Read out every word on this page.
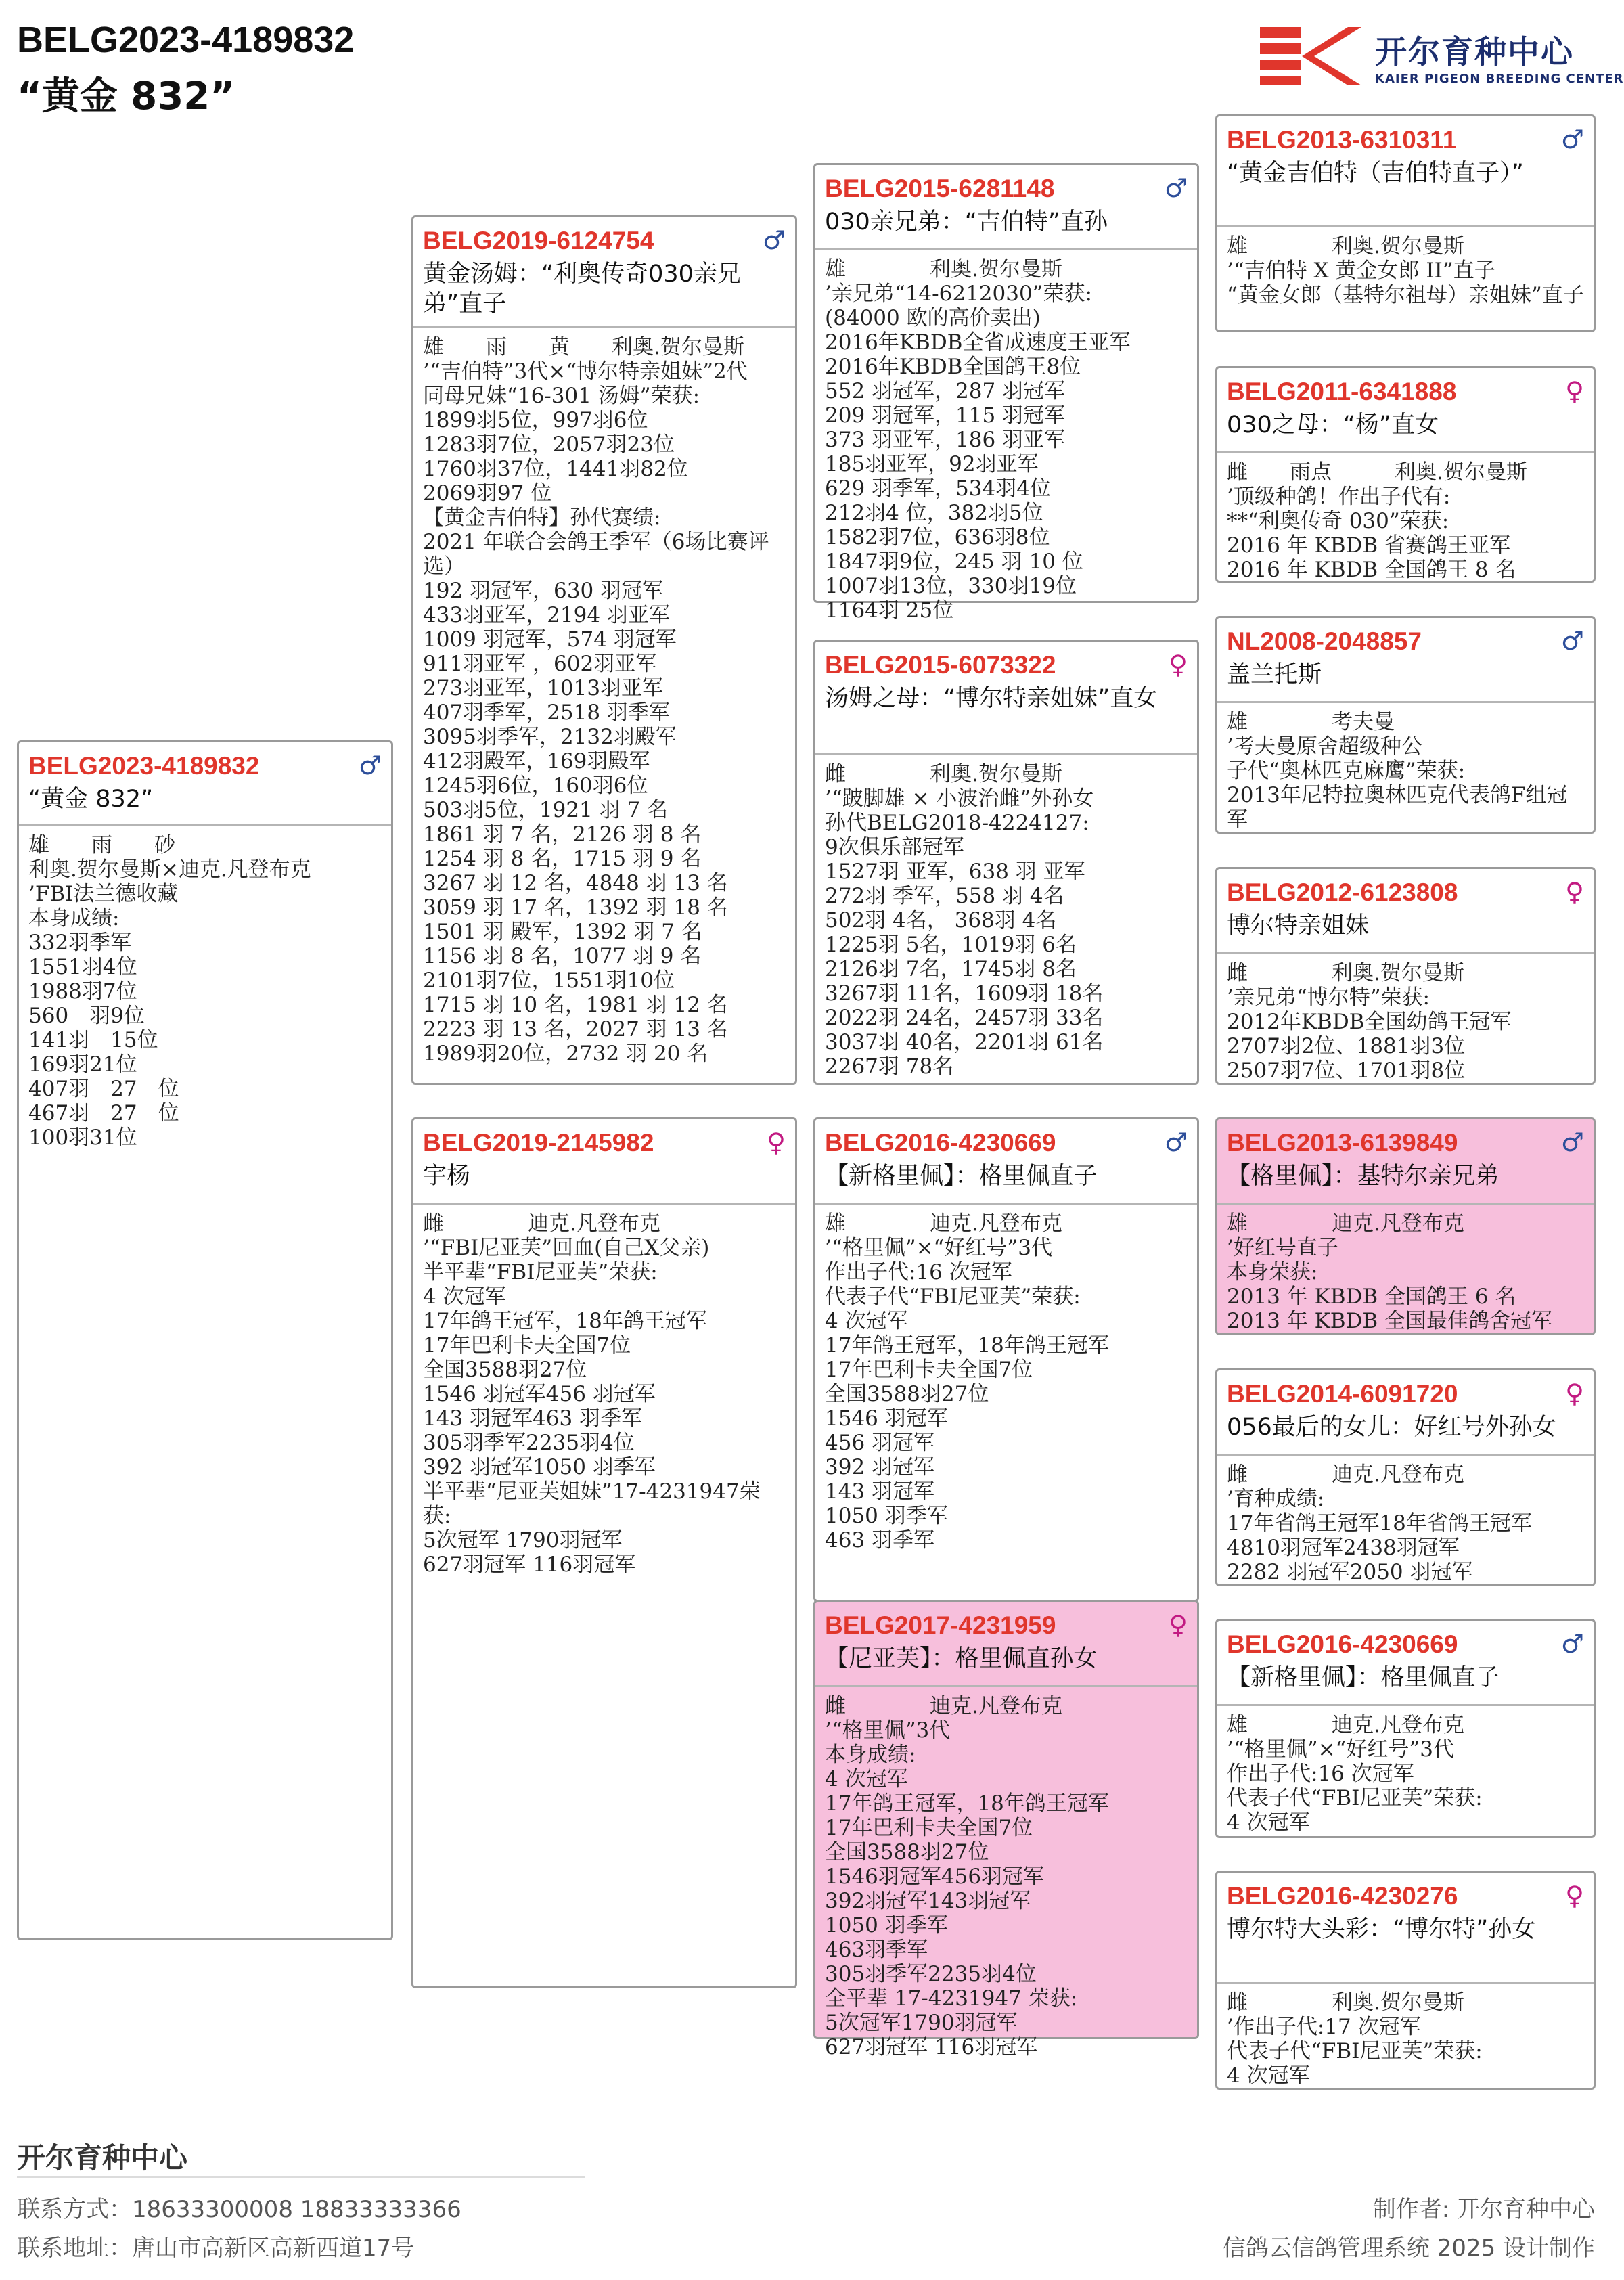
BELG2023-4189832
“黄金 832”
开尔育种中心
KAIER PIGEON BREEDING CENTER
BELG2023-4189832	♂
“黄金 832”
雄　　雨　　砂
利奥.贺尔曼斯×迪克.凡登布克
’FBI法兰德收藏
本身成绩:
332羽季军
1551羽4位
1988羽7位
560　羽9位
141羽　15位
169羽21位
407羽　27　位
467羽　27　位
100羽31位
BELG2019-6124754	♂
黄金汤姆：“利奥传奇030亲兄弟”直子
雄　　雨　　黄　　利奥.贺尔曼斯
’“吉伯特”3代×“博尔特亲姐妹”2代
同母兄妹“16-301 汤姆”荣获:
1899羽5位，997羽6位
1283羽7位，2057羽23位
1760羽37位，1441羽82位
2069羽97 位
【黄金吉伯特】孙代赛绩:
2021 年联合会鸽王季军（6场比赛评选）
192 羽冠军，630 羽冠军
433羽亚军，2194 羽亚军
1009 羽冠军，574 羽冠军
911羽亚军 ，602羽亚军
273羽亚军，1013羽亚军
407羽季军，2518 羽季军
3095羽季军，2132羽殿军
412羽殿军，169羽殿军
1245羽6位，160羽6位
503羽5位，1921 羽 7 名
1861 羽 7 名，2126 羽 8 名
1254 羽 8 名，1715 羽 9 名
3267 羽 12 名，4848 羽 13 名
3059 羽 17 名，1392 羽 18 名
1501 羽 殿军，1392 羽 7 名
1156 羽 8 名，1077 羽 9 名
2101羽7位，1551羽10位
1715 羽 10 名，1981 羽 12 名
2223 羽 13 名，2027 羽 13 名
1989羽20位，2732 羽 20 名
BELG2019-2145982	♀
宇杨
雌　　　　迪克.凡登布克
’“FBI尼亚芙”回血(自己X父亲)
半平辈“FBI尼亚芙”荣获:
4 次冠军
17年鸽王冠军，18年鸽王冠军
17年巴利卡夫全国7位
全国3588羽27位
1546 羽冠军456 羽冠军
143 羽冠军463 羽季军
305羽季军2235羽4位
392 羽冠军1050 羽季军
半平辈“尼亚芙姐妹”17-4231947荣获:
5次冠军 1790羽冠军
627羽冠军 116羽冠军
BELG2015-6281148	♂
030亲兄弟：“吉伯特”直孙
雄　　　　利奥.贺尔曼斯
’亲兄弟“14-6212030”荣获:
(84000 欧的高价卖出)
2016年KBDB全省成速度王亚军
2016年KBDB全国鸽王8位
552 羽冠军，287 羽冠军
209 羽冠军，115 羽冠军
373 羽亚军，186 羽亚军
185羽亚军，92羽亚军
629 羽季军，534羽4位
212羽4 位，382羽5位
1582羽7位，636羽8位
1847羽9位，245 羽 10 位
1007羽13位，330羽19位
1164羽 25位
BELG2015-6073322	♀
汤姆之母：“博尔特亲姐妹”直女
雌　　　　利奥.贺尔曼斯
’“跛脚雄 × 小波治雌”外孙女
孙代BELG2018-4224127:
9次俱乐部冠军
1527羽 亚军，638 羽 亚军
272羽 季军，558 羽 4名
502羽 4名， 368羽 4名
1225羽 5名，1019羽 6名
2126羽 7名，1745羽 8名
3267羽 11名，1609羽 18名
2022羽 24名，2457羽 33名
3037羽 40名，2201羽 61名
2267羽 78名
BELG2016-4230669	♂
【新格里佩】：格里佩直子
雄　　　　迪克.凡登布克
’“格里佩”×“好红号”3代
作出子代:16 次冠军
代表子代“FBI尼亚芙”荣获:
4 次冠军
17年鸽王冠军，18年鸽王冠军
17年巴利卡夫全国7位
全国3588羽27位
1546 羽冠军
456 羽冠军
392 羽冠军
143 羽冠军
1050 羽季军
463 羽季军
BELG2017-4231959	♀
【尼亚芙】：格里佩直孙女
雌　　　　迪克.凡登布克
’“格里佩”3代
本身成绩:
4 次冠军
17年鸽王冠军，18年鸽王冠军
17年巴利卡夫全国7位
全国3588羽27位
1546羽冠军456羽冠军
392羽冠军143羽冠军
1050 羽季军
463羽季军
305羽季军2235羽4位
全平辈 17-4231947 荣获:
5次冠军1790羽冠军
627羽冠军 116羽冠军
BELG2013-6310311	♂
“黄金吉伯特（吉伯特直子）”
雄　　　　利奥.贺尔曼斯
’“吉伯特 X 黄金女郎 II”直子
“黄金女郎（基特尔祖母）亲姐妹”直子
BELG2011-6341888	♀
030之母：“杨”直女
雌　　雨点　　　利奥.贺尔曼斯
’顶级种鸽！作出子代有:
**“利奥传奇 030”荣获:
2016 年 KBDB 省赛鸽王亚军
2016 年 KBDB 全国鸽王 8 名
NL2008-2048857	♂
盖兰托斯
雄　　　　考夫曼
’考夫曼原舍超级种公
子代“奥林匹克麻鹰”荣获:
2013年尼特拉奥林匹克代表鸽F组冠军
BELG2012-6123808	♀
博尔特亲姐妹
雌　　　　利奥.贺尔曼斯
’亲兄弟“博尔特”荣获:
2012年KBDB全国幼鸽王冠军
2707羽2位、1881羽3位
2507羽7位、1701羽8位
BELG2013-6139849	♂
【格里佩】：基特尔亲兄弟
雄　　　　迪克.凡登布克
’好红号直子
本身荣获:
2013 年 KBDB 全国鸽王 6 名
2013 年 KBDB 全国最佳鸽舍冠军
BELG2014-6091720	♀
056最后的女儿：好红号外孙女
雌　　　　迪克.凡登布克
’育种成绩:
17年省鸽王冠军18年省鸽王冠军
4810羽冠军2438羽冠军
2282 羽冠军2050 羽冠军
BELG2016-4230669	♂
【新格里佩】：格里佩直子
雄　　　　迪克.凡登布克
’“格里佩”×“好红号”3代
作出子代:16 次冠军
代表子代“FBI尼亚芙”荣获:
4 次冠军
BELG2016-4230276	♀
博尔特大头彩：“博尔特”孙女
雌　　　　利奥.贺尔曼斯
’作出子代:17 次冠军
代表子代“FBI尼亚芙”荣获:
4 次冠军
开尔育种中心
联系方式：18633300008 18833333366
联系地址：唐山市高新区高新西道17号
制作者: 开尔育种中心
信鸽云信鸽管理系统 2025 设计制作
